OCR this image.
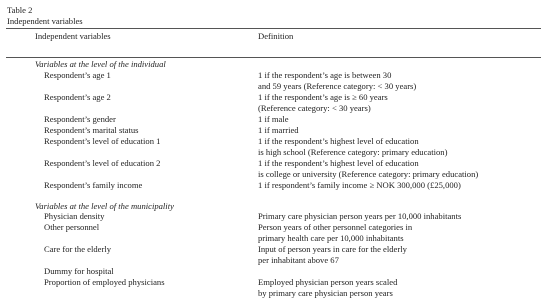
Table 2
Independent variables
Independent variables	Definition
Variables at the level of the individual
Respondent’s age 1	1 if the respondent’s age is between 30
and 59 years (Reference category: < 30 years)
Respondent’s age 2	1 if the respondent’s age is ≥ 60 years
(Reference category: < 30 years)
Respondent’s gender	1 if male
Respondent’s marital status	1 if married
Respondent’s level of education 1	1 if the respondent’s highest level of education
is high school (Reference category: primary education)
Respondent’s level of education 2	1 if the respondent’s highest level of education
is college or university (Reference category: primary education)
Respondent’s family income	1 if respondent’s family income ≥ NOK 300,000 (£25,000)
Variables at the level of the municipality
Physician density	Primary care physician person years per 10,000 inhabitants
Other personnel	Person years of other personnel categories in
primary health care per 10,000 inhabitants
Care for the elderly	Input of person years in care for the elderly
per inhabitant above 67
Dummy for hospital
Proportion of employed physicians	Employed physician person years scaled
by primary care physician person years
